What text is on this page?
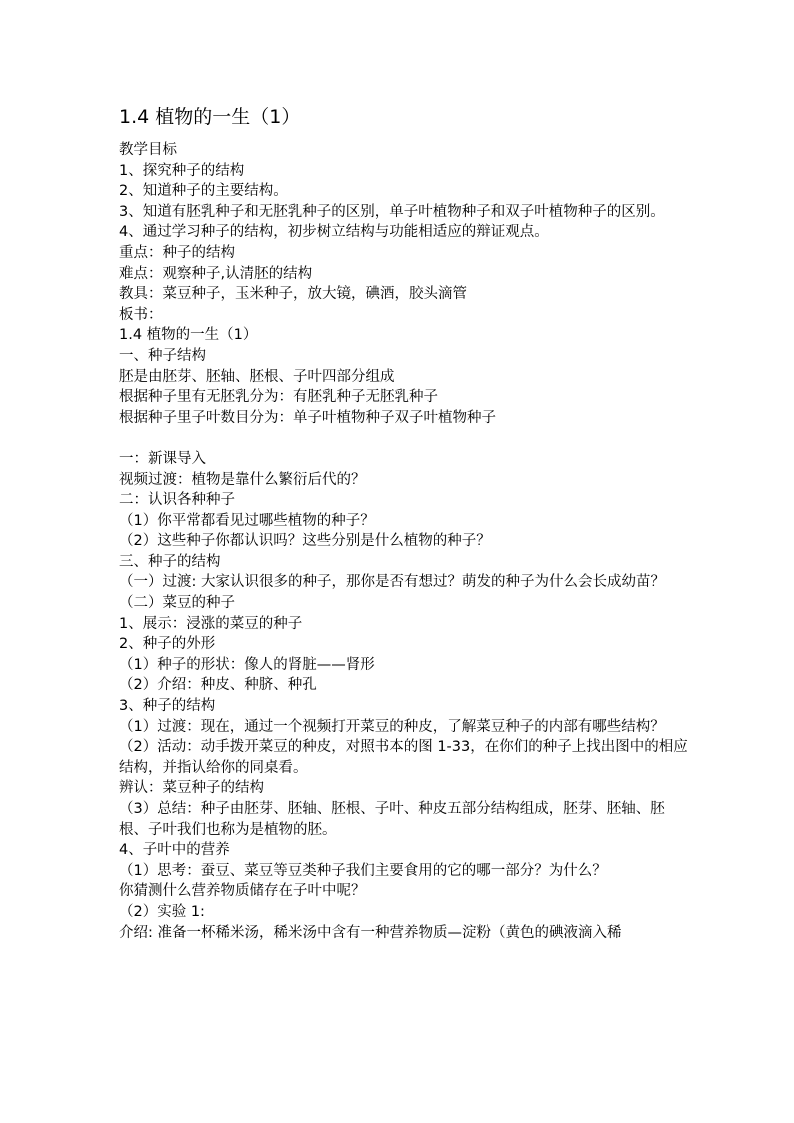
1.4 植物的一生（1）

教学目标

1、探究种子的结构

2、知道种子的主要结构。

3、知道有胚乳种子和无胚乳种子的区别，单子叶植物种子和双子叶植物种子的区别。

4、通过学习种子的结构，初步树立结构与功能相适应的辩证观点。

重点：种子的结构

难点：观察种子,认清胚的结构

教具：菜豆种子，玉米种子，放大镜，碘酒，胶头滴管

板书：

1.4 植物的一生（1）

一、种子结构

胚是由胚芽、胚轴、胚根、子叶四部分组成

根据种子里有无胚乳分为：有胚乳种子无胚乳种子

根据种子里子叶数目分为：单子叶植物种子双子叶植物种子

一：新课导入

视频过渡：植物是靠什么繁衍后代的？

二：认识各种种子

（1）你平常都看见过哪些植物的种子？

（2）这些种子你都认识吗？这些分别是什么植物的种子？

三、种子的结构

（一）过渡: 大家认识很多的种子，那你是否有想过？萌发的种子为什么会长成幼苗？

（二）菜豆的种子

1、展示：浸涨的菜豆的种子

2、种子的外形

（1）种子的形状：像人的肾脏——肾形

（2）介绍：种皮、种脐、种孔

3、种子的结构

（1）过渡：现在，通过一个视频打开菜豆的种皮，了解菜豆种子的内部有哪些结构？

（2）活动：动手拨开菜豆的种皮，对照书本的图 1-33，在你们的种子上找出图中的相应结构，并指认给你的同桌看。

辨认：菜豆种子的结构

（3）总结：种子由胚芽、胚轴、胚根、子叶、种皮五部分结构组成，胚芽、胚轴、胚根、子叶我们也称为是植物的胚。

4、子叶中的营养

（1）思考：蚕豆、菜豆等豆类种子我们主要食用的它的哪一部分？为什么？

你猜测什么营养物质储存在子叶中呢？

（2）实验 1:

介绍: 准备一杯稀米汤，稀米汤中含有一种营养物质—淀粉（黄色的碘液滴入稀
